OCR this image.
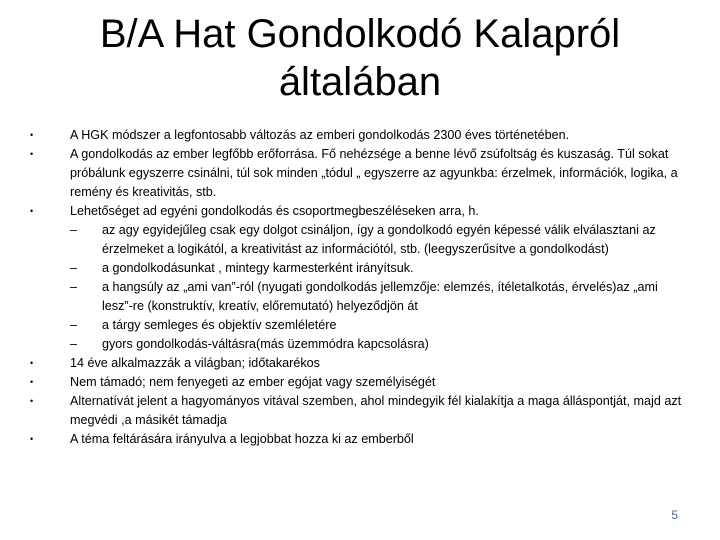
B/A Hat Gondolkodó Kalapról általában
•	A HGK módszer a legfontosabb változás az emberi gondolkodás 2300 éves történetében.
•	A gondolkodás az ember legfőbb erőforrása. Fő nehézsége a benne lévő zsúfoltság és kuszaság. Túl sokat próbálunk egyszerre csinálni, túl sok minden „tódul „ egyszerre az agyunkba: érzelmek, információk, logika, a remény és kreativitás, stb.
•	Lehetőséget ad egyéni gondolkodás és csoportmegbeszéléseken arra, h.
– az agy egyidejűleg csak egy dolgot csináljon, így a gondolkodó egyén képessé válik elválasztani az érzelmeket a logikától, a kreativitást az információtól, stb. (leegyszerűsítve a gondolkodást)
– a gondolkodásunkat , mintegy karmesterként irányítsuk.
– a hangsúly az „ami van”-ról (nyugati gondolkodás jellemzője: elemzés, ítéletalkotás, érvelés)az „ami lesz”-re (konstruktív, kreatív, előremutató) helyeződjön át
– a tárgy semleges és objektív szemléletére
– gyors gondolkodás-váltásra(más üzemmódra kapcsolásra)
•	14 éve alkalmazzák a világban; időtakarékos
•	Nem támadó; nem fenyegeti az ember egójat vagy személyiségét
•	Alternatívát jelent a hagyományos vitával szemben, ahol mindegyik fél kialakítja a maga álláspontját, majd azt megvédi ,a másikét támadja
•	A téma feltárására irányulva a legjobbat hozza ki az emberből
5
